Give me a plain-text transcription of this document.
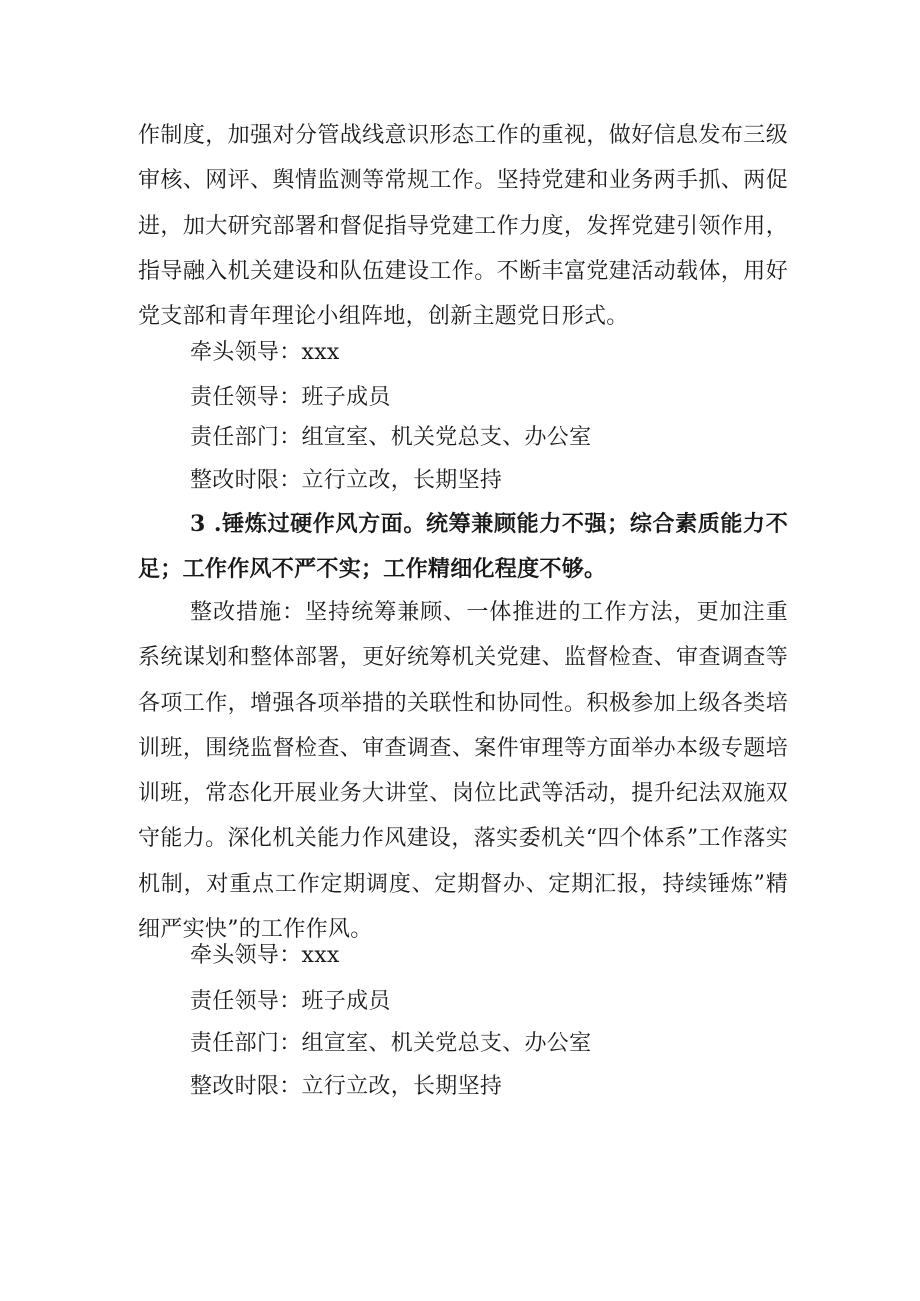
作制度，加强对分管战线意识形态工作的重视，做好信息发布三级审核、网评、舆情监测等常规工作。坚持党建和业务两手抓、两促进，加大研究部署和督促指导党建工作力度，发挥党建引领作用，指导融入机关建设和队伍建设工作。不断丰富党建活动载体，用好党支部和青年理论小组阵地，创新主题党日形式。

牵头领导：xxx

责任领导：班子成员

责任部门：组宣室、机关党总支、办公室

整改时限：立行立改，长期坚持

3 .锤炼过硬作风方面。统筹兼顾能力不强；综合素质能力不足；工作作风不严不实；工作精细化程度不够。

整改措施：坚持统筹兼顾、一体推进的工作方法，更加注重系统谋划和整体部署，更好统筹机关党建、监督检查、审查调查等各项工作，增强各项举措的关联性和协同性。积极参加上级各类培训班，围绕监督检查、审查调查、案件审理等方面举办本级专题培训班，常态化开展业务大讲堂、岗位比武等活动，提升纪法双施双守能力。深化机关能力作风建设，落实委机关“四个体系”工作落实机制，对重点工作定期调度、定期督办、定期汇报，持续锤炼”精细严实快”的工作作风。

牵头领导：xxx

责任领导：班子成员

责任部门：组宣室、机关党总支、办公室

整改时限：立行立改，长期坚持
